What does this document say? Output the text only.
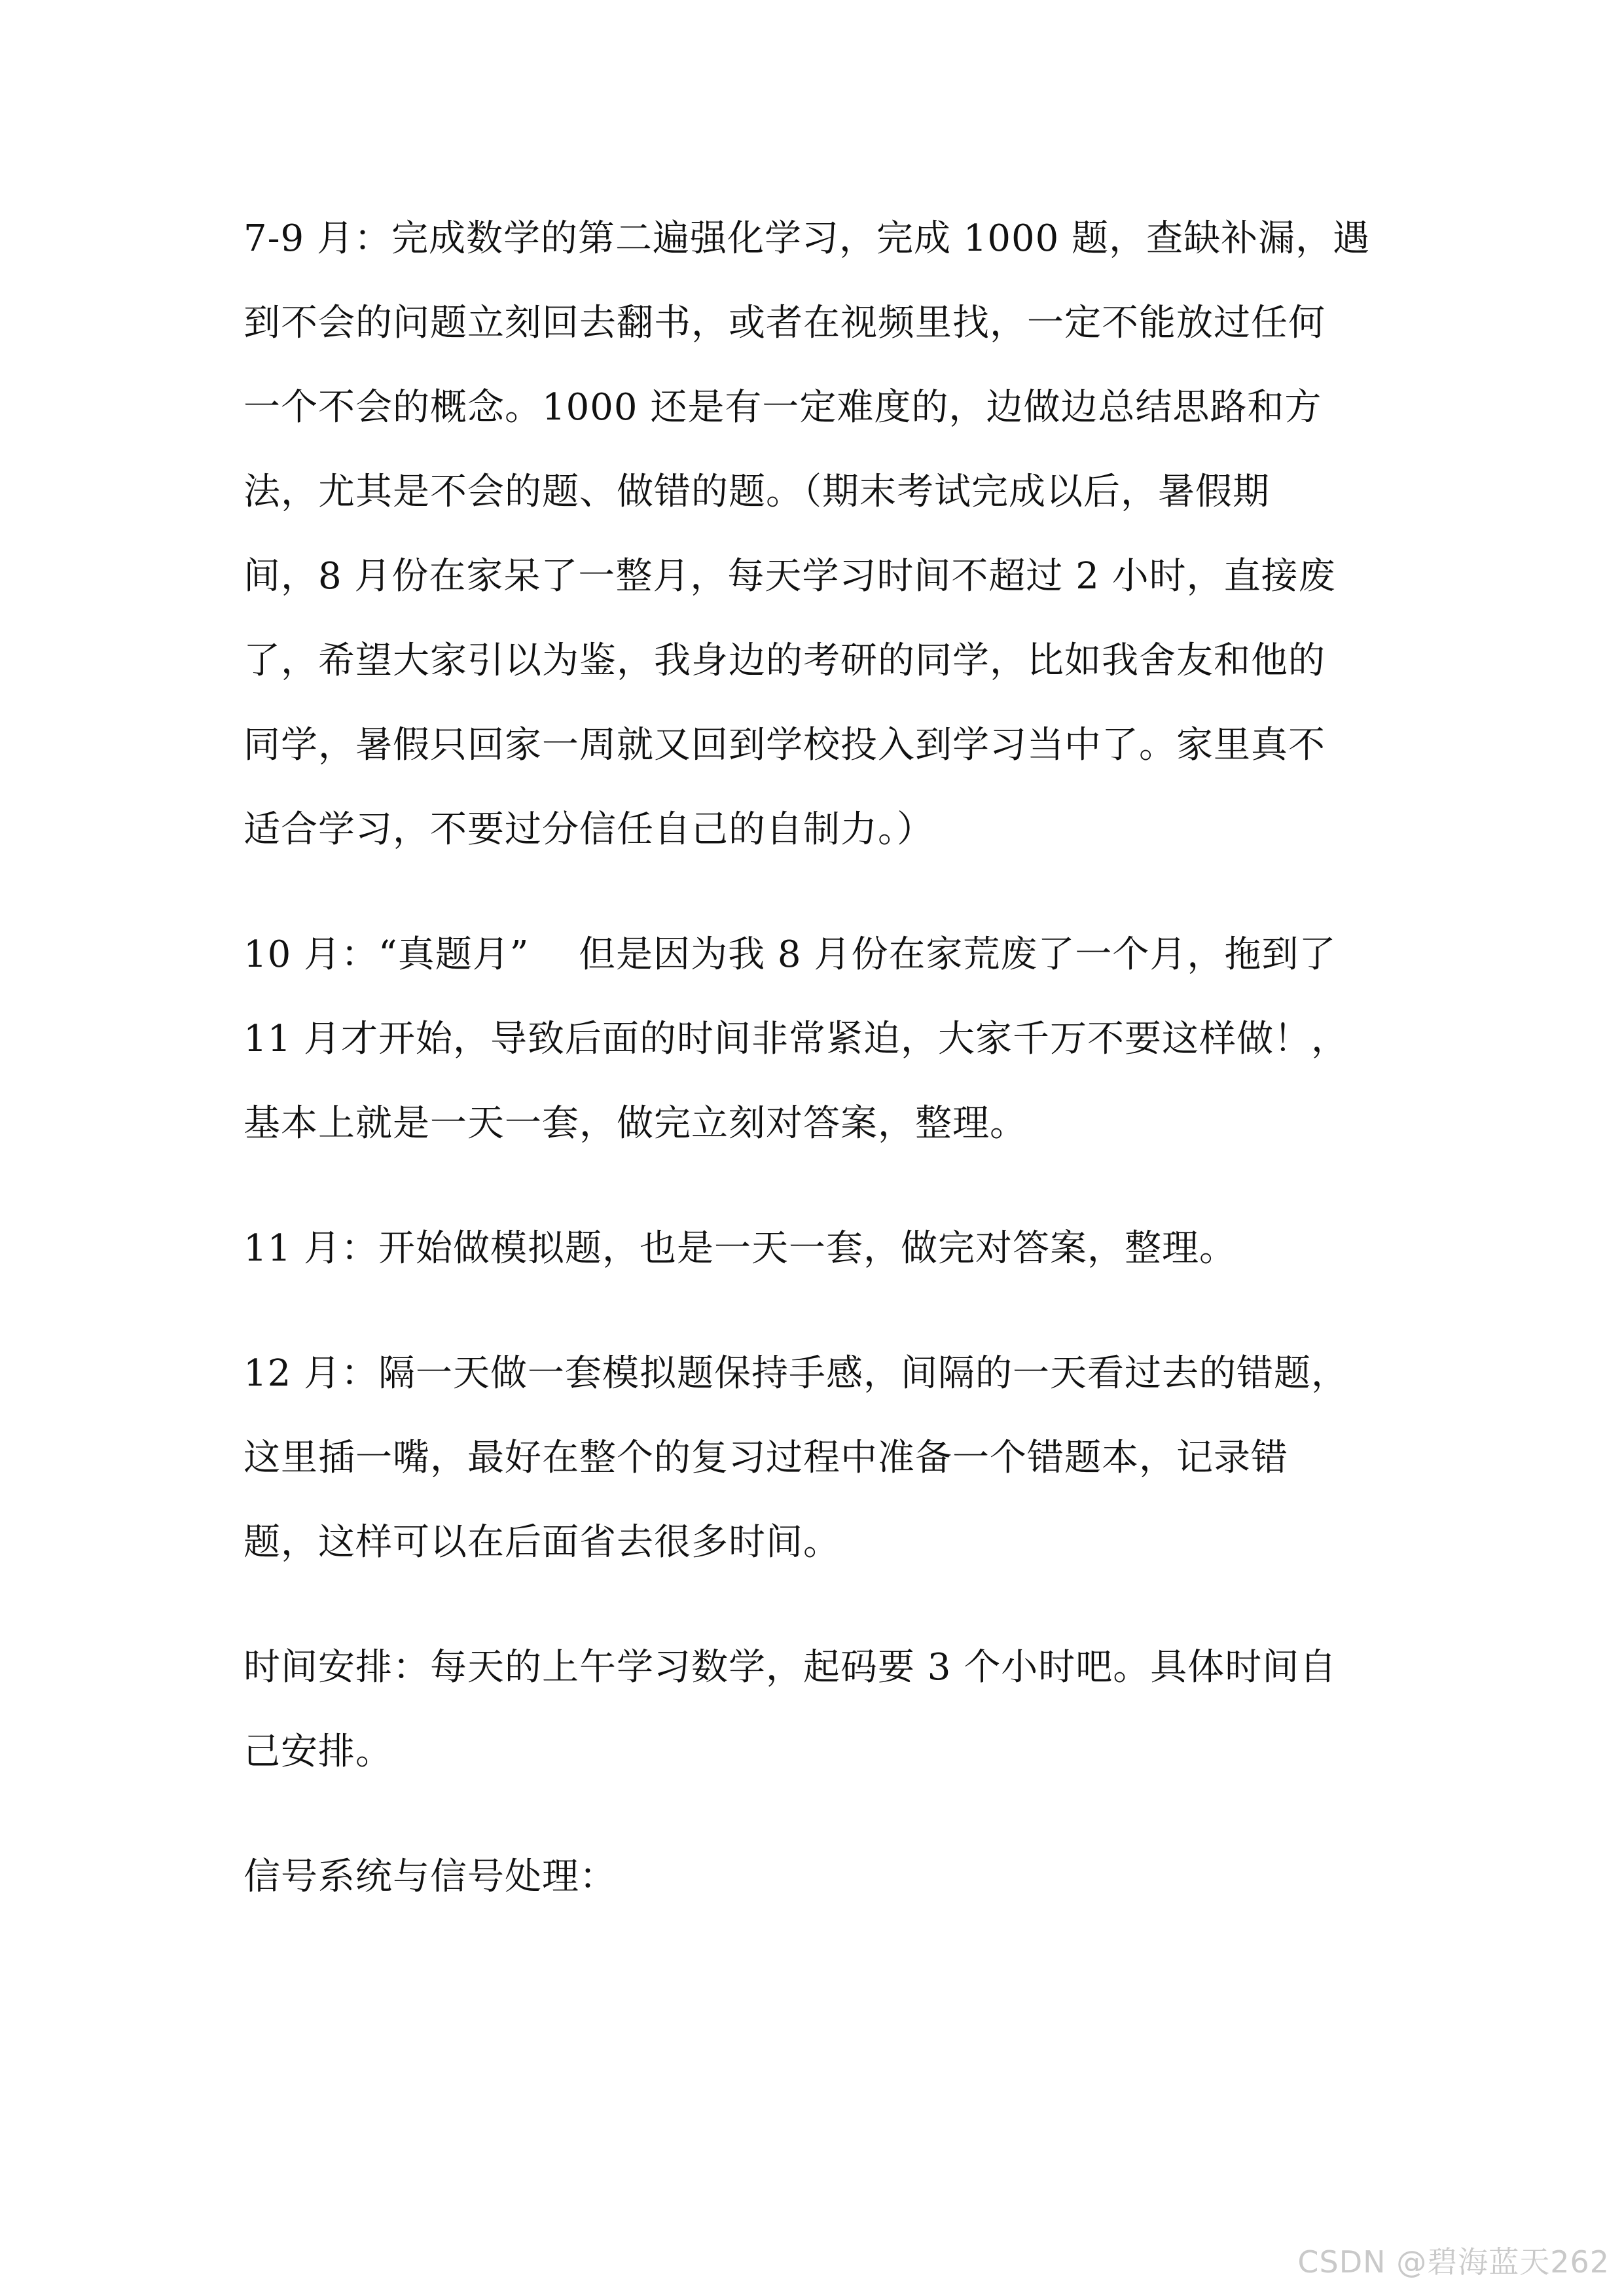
7-9 月：完成数学的第二遍强化学习，完成 1000 题，查缺补漏，遇
到不会的问题立刻回去翻书，或者在视频里找，一定不能放过任何
一个不会的概念。1000 还是有一定难度的，边做边总结思路和方
法，尤其是不会的题、做错的题。（期末考试完成以后，暑假期
间，8 月份在家呆了一整月，每天学习时间不超过 2 小时，直接废
了，希望大家引以为鉴，我身边的考研的同学，比如我舍友和他的
同学，暑假只回家一周就又回到学校投入到学习当中了。家里真不
适合学习，不要过分信任自己的自制力。）

10 月：“真题月”　 但是因为我 8 月份在家荒废了一个月，拖到了
11 月才开始，导致后面的时间非常紧迫，大家千万不要这样做！，
基本上就是一天一套，做完立刻对答案，整理。

11 月：开始做模拟题，也是一天一套，做完对答案，整理。

12 月：隔一天做一套模拟题保持手感，间隔的一天看过去的错题，
这里插一嘴，最好在整个的复习过程中准备一个错题本，记录错
题，这样可以在后面省去很多时间。

时间安排：每天的上午学习数学，起码要 3 个小时吧。具体时间自
己安排。

信号系统与信号处理：

CSDN @碧海蓝天262
